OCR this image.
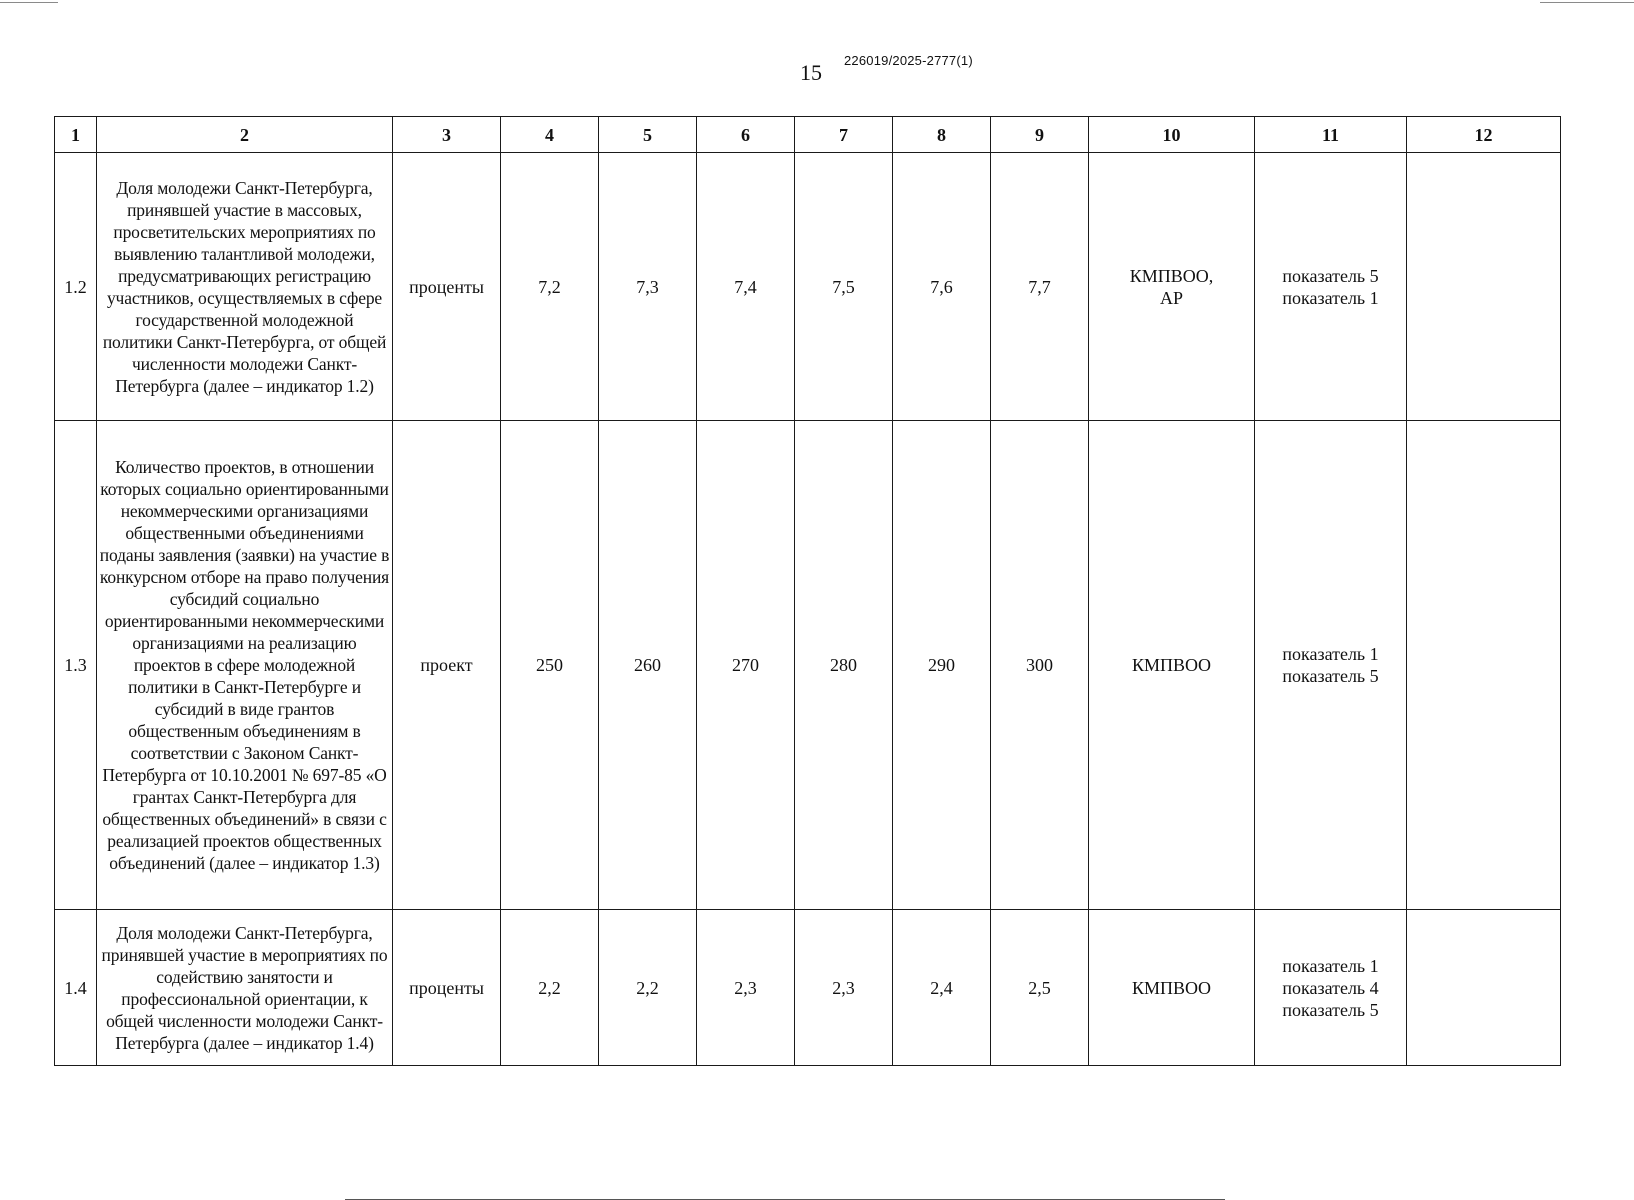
15 226019/2025-2777(1)
1	2	3	4	5	6	7	8	9	10	11	12
1.2	Доля молодежи Санкт-Петербурга, принявшей участие в массовых, просветительских мероприятиях по выявлению талантливой молодежи, предусматривающих регистрацию участников, осуществляемых в сфере государственной молодежной политики Санкт-Петербурга, от общей численности молодежи Санкт-Петербурга (далее – индикатор 1.2)	проценты	7,2	7,3	7,4	7,5	7,6	7,7	КМПВОО,
АР	показатель 5
показатель 1	
1.3	Количество проектов, в отношении которых социально ориентированными некоммерческими организациями общественными объединениями поданы заявления (заявки) на участие в конкурсном отборе на право получения субсидий социально ориентированными некоммерческими организациями на реализацию проектов в сфере молодежной политики в Санкт-Петербурге и субсидий в виде грантов общественным объединениям в соответствии с Законом Санкт-Петербурга от 10.10.2001 № 697-85 «О грантах Санкт-Петербурга для общественных объединений» в связи с реализацией проектов общественных объединений (далее – индикатор 1.3)	проект	250	260	270	280	290	300	КМПВОО	показатель 1
показатель 5	
1.4	Доля молодежи Санкт-Петербурга, принявшей участие в мероприятиях по содействию занятости и профессиональной ориентации, к общей численности молодежи Санкт-Петербурга (далее – индикатор 1.4)	проценты	2,2	2,2	2,3	2,3	2,4	2,5	КМПВОО	показатель 1
показатель 4
показатель 5	
